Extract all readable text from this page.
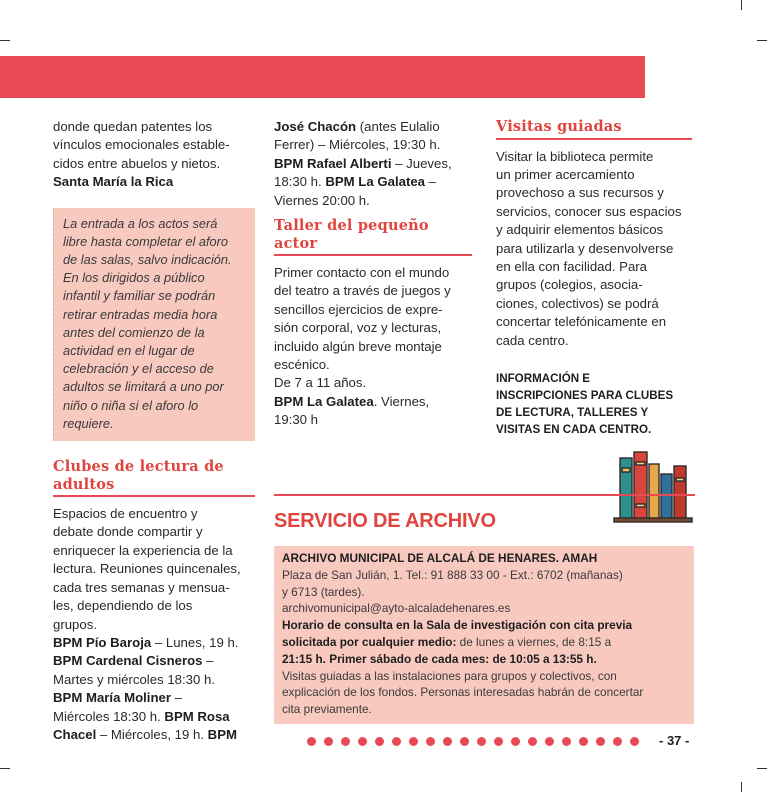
donde quedan patentes los
vínculos emocionales estable-
cidos entre abuelos y nietos.
Santa María la Rica
La entrada a los actos será
libre hasta completar el aforo
de las salas, salvo indicación.
En los dirigidos a público
infantil y familiar se podrán
retirar entradas media hora
antes del comienzo de la
actividad en el lugar de
celebración y el acceso de
adultos se limitará a uno por
niño o niña si el aforo lo
requiere.
Clubes de lectura de
adultos
Espacios de encuentro y
debate donde compartir y
enriquecer la experiencia de la
lectura. Reuniones quincenales,
cada tres semanas y mensua-
les, dependiendo de los
grupos.
BPM Pío Baroja – Lunes, 19 h.
BPM Cardenal Cisneros –
Martes y miércoles 18:30 h.
BPM María Moliner –
Miércoles 18:30 h. BPM Rosa
Chacel – Miércoles, 19 h. BPM
José Chacón (antes Eulalio
Ferrer) – Miércoles, 19:30 h.
BPM Rafael Alberti – Jueves,
18:30 h. BPM La Galatea –
Viernes 20:00 h.
Taller del pequeño
actor
Primer contacto con el mundo
del teatro a través de juegos y
sencillos ejercicios de expre-
sión corporal, voz y lecturas,
incluido algún breve montaje
escénico.
De 7 a 11 años.
BPM La Galatea. Viernes,
19:30 h
Visitas guiadas
Visitar la biblioteca permite
un primer acercamiento
provechoso a sus recursos y
servicios, conocer sus espacios
y adquirir elementos básicos
para utilizarla y desenvolverse
en ella con facilidad. Para
grupos (colegios, asocia-
ciones, colectivos) se podrá
concertar telefónicamente en
cada centro.
INFORMACIÓN E
INSCRIPCIONES PARA CLUBES
DE LECTURA, TALLERES Y
VISITAS EN CADA CENTRO.
SERVICIO DE ARCHIVO
ARCHIVO MUNICIPAL DE ALCALÁ DE HENARES. AMAH
Plaza de San Julián, 1. Tel.: 91 888 33 00 - Ext.: 6702 (mañanas)
y 6713 (tardes).
archivomunicipal@ayto-alcaladehenares.es
Horario de consulta en la Sala de investigación con cita previa
solicitada por cualquier medio: de lunes a viernes, de 8:15 a
21:15 h. Primer sábado de cada mes: de 10:05 a 13:55 h.
Visitas guiadas a las instalaciones para grupos y colectivos, con
explicación de los fondos. Personas interesadas habrán de concertar
cita previamente.
- 37 -
